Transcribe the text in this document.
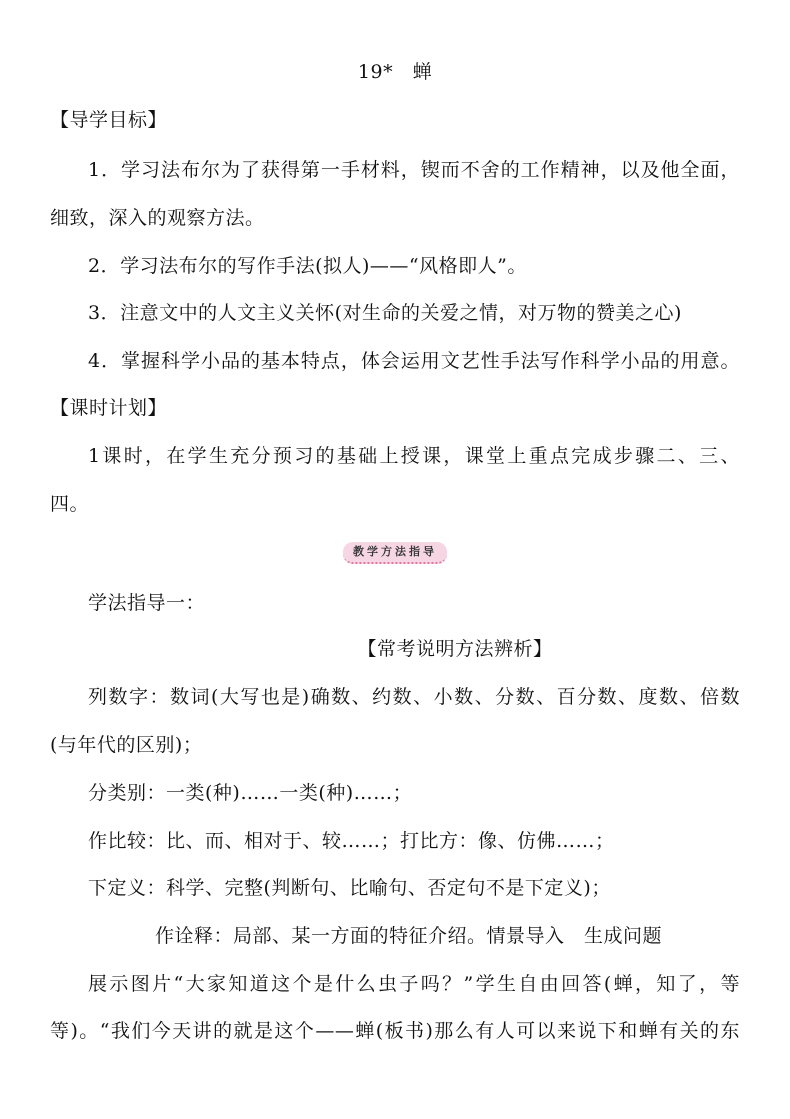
19*　蝉
【导学目标】
1．学习法布尔为了获得第一手材料，锲而不舍的工作精神，以及他全面，
细致，深入的观察方法。
2．学习法布尔的写作手法(拟人)——“风格即人”。
3．注意文中的人文主义关怀(对生命的关爱之情，对万物的赞美之心)
4．掌握科学小品的基本特点，体会运用文艺性手法写作科学小品的用意。
【课时计划】
1课时，在学生充分预习的基础上授课，课堂上重点完成步骤二、三、
四。
教学方法指导
学法指导一：
【常考说明方法辨析】
列数字：数词(大写也是)确数、约数、小数、分数、百分数、度数、倍数
(与年代的区别)；
分类别：一类(种)……一类(种)……；
作比较：比、而、相对于、较……；打比方：像、仿佛……；
下定义：科学、完整(判断句、比喻句、否定句不是下定义)；
作诠释：局部、某一方面的特征介绍。情景导入　生成问题
展示图片“大家知道这个是什么虫子吗？”学生自由回答(蝉，知了，等
等)。“我们今天讲的就是这个——蝉(板书)那么有人可以来说下和蝉有关的东
